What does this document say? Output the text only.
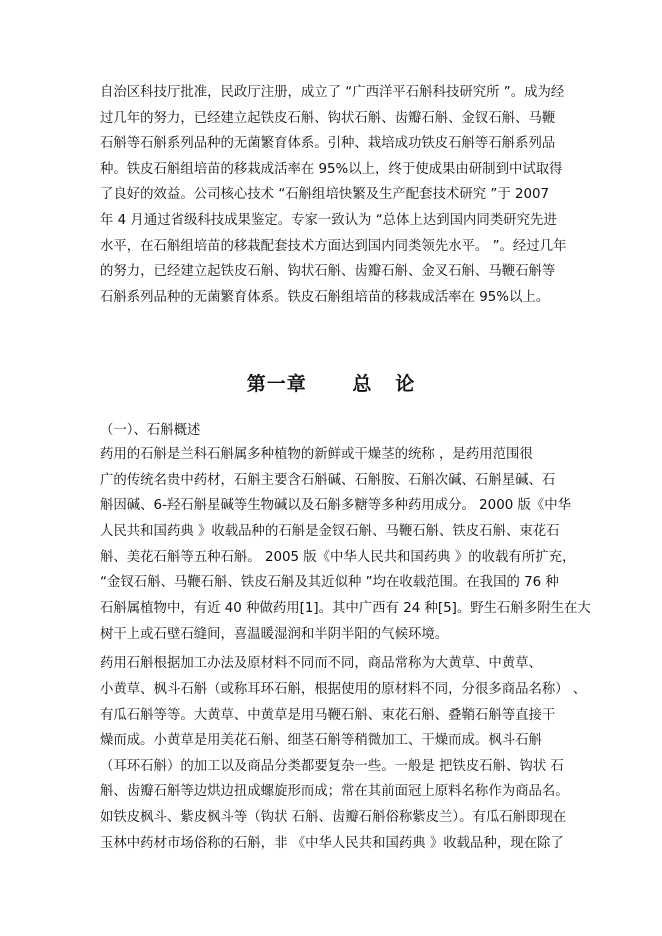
自治区科技厅批准，民政厅注册，成立了 “广西洋平石斛科技研究所 ”。成为经
过几年的努力，已经建立起铁皮石斛、钩状石斛、齿瓣石斛、金钗石斛、马鞭
石斛等石斛系列品种的无菌繁育体系。引种、栽培成功铁皮石斛等石斛系列品
种。铁皮石斛组培苗的移栽成活率在 95%以上，终于使成果由研制到中试取得
了良好的效益。公司核心技术 “石斛组培快繁及生产配套技术研究 ”于 2007
年 4 月通过省级科技成果鉴定。专家一致认为 “总体上达到国内同类研究先进
水平，在石斛组培苗的移栽配套技术方面达到国内同类领先水平。 ”。经过几年
的努力，已经建立起铁皮石斛、钩状石斛、齿瓣石斛、金叉石斛、马鞭石斛等
石斛系列品种的无菌繁育体系。铁皮石斛组培苗的移栽成活率在 95%以上。
第一章      总   论
（一）、石斛概述
药用的石斛是兰科石斛属多种植物的新鲜或干燥茎的统称 ，是药用范围很
广的传统名贵中药材，石斛主要含石斛碱、石斛胺、石斛次碱、石斛星碱、石
斛因碱、6-羟石斛星碱等生物碱以及石斛多糖等多种药用成分。 2000 版《中华
人民共和国药典 》收载品种的石斛是金钗石斛、马鞭石斛、铁皮石斛、束花石
斛、美花石斛等五种石斛。 2005 版《中华人民共和国药典 》的收载有所扩充，
“金钗石斛、马鞭石斛、铁皮石斛及其近似种 ”均在收载范围。在我国的 76 种
石斛属植物中，有近 40 种做药用[1]。其中广西有 24 种[5]。野生石斛多附生在大
树干上或石壁石缝间，喜温暖湿润和半阴半阳的气候环境。
药用石斛根据加工办法及原材料不同而不同，商品常称为大黄草、中黄草、
小黄草、枫斗石斛（或称耳环石斛，根据使用的原材料不同，分很多商品名称） 、
有瓜石斛等等。大黄草、中黄草是用马鞭石斛、束花石斛、叠鞘石斛等直接干
燥而成。小黄草是用美花石斛、细茎石斛等稍微加工、干燥而成。枫斗石斛
（耳环石斛）的加工以及商品分类都要复杂一些。一般是 把铁皮石斛、钩状 石
斛、齿瓣石斛等边烘边扭成螺旋形而成；常在其前面冠上原料名称作为商品名。
如铁皮枫斗、紫皮枫斗等（钩状 石斛、齿瓣石斛俗称紫皮兰）。有瓜石斛即现在
玉林中药材市场俗称的石斛，非 《中华人民共和国药典 》收载品种，现在除了
